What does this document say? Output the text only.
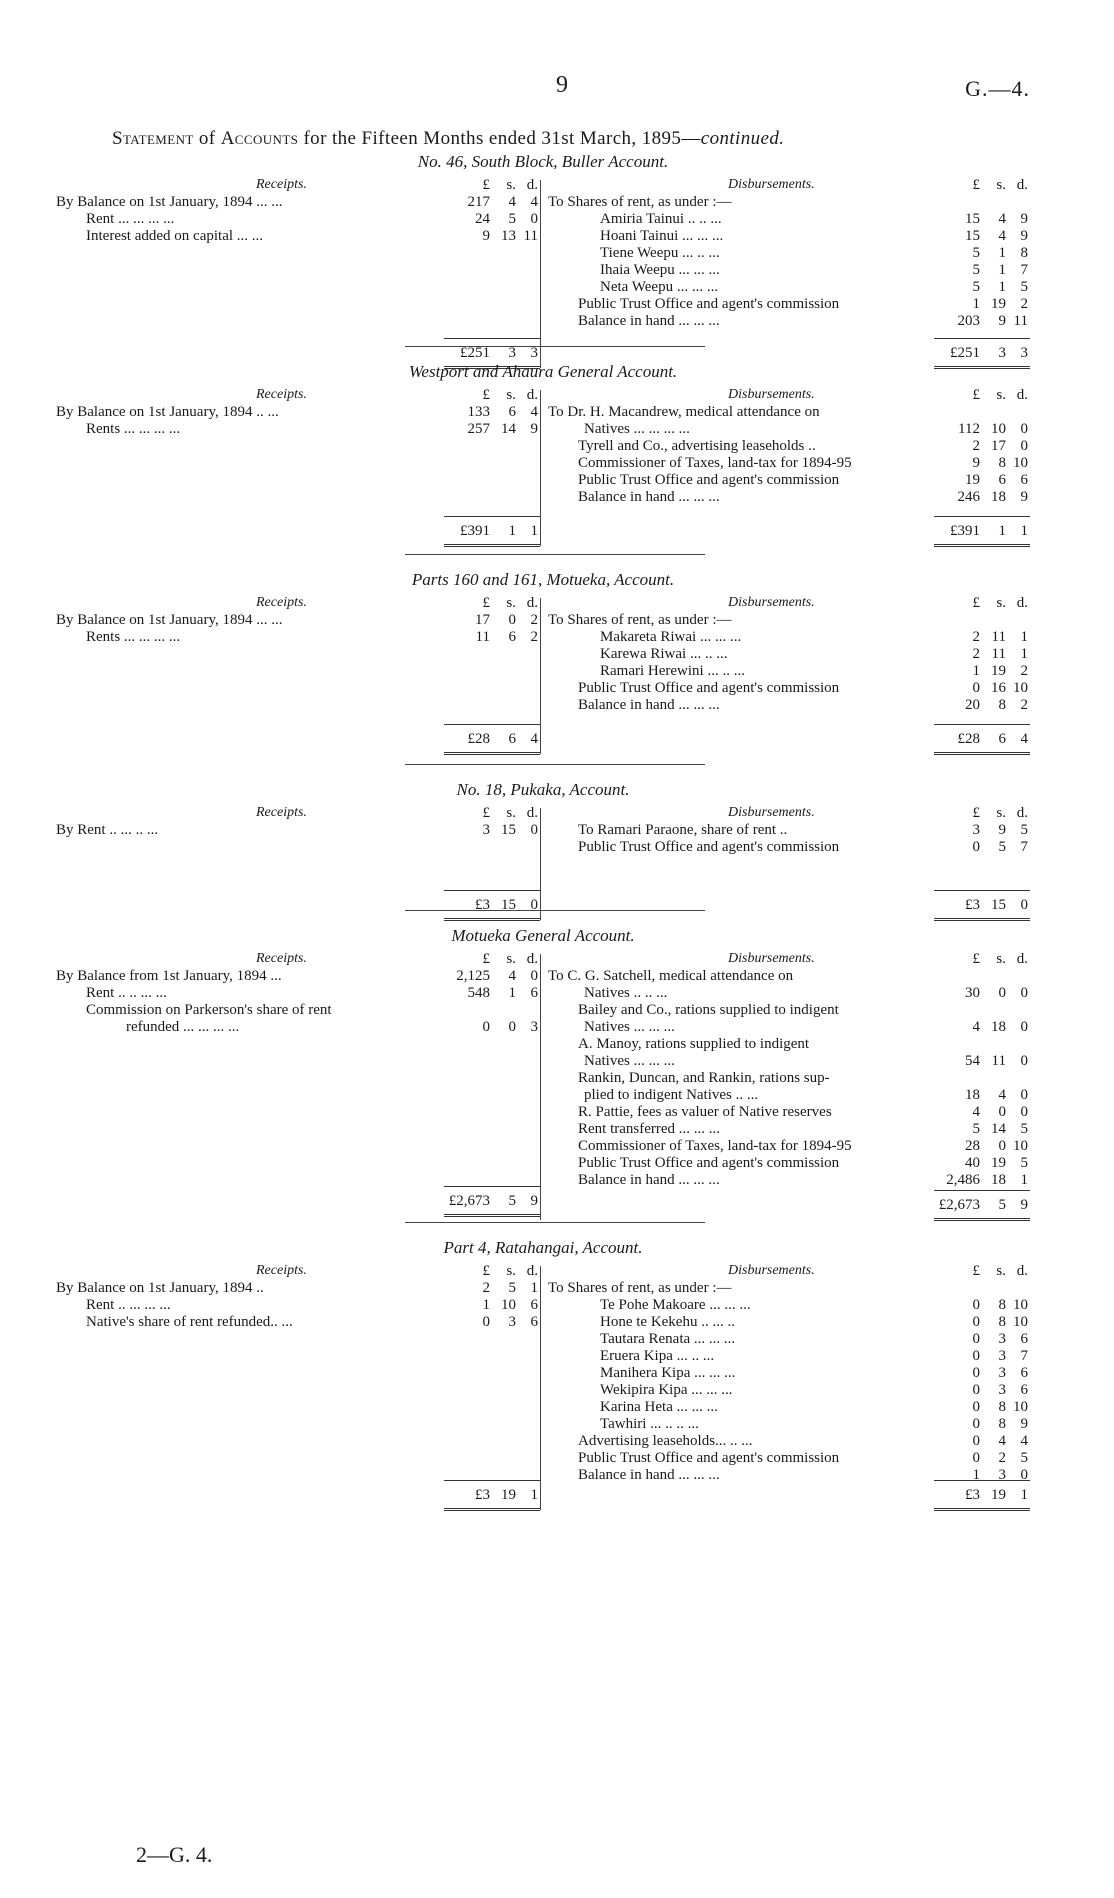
9	G.—4.
Statement of Accounts for the Fifteen Months ended 31st March, 1895—continued.
No. 46, South Block, Buller Account.
Receipts.	£	s. d.
By Balance on 1st January, 1894 ... ...	217	4 4
Rent ... ... ... ...	24	5 0
Interest added on capital ... ...	9 13 11
£251	3 3
Disbursements.	£	s. d.
To Shares of rent, as under :—
Amiria Tainui .. .. ...	15	4 9
Hoani Tainui ... ... ...	15	4 9
Tiene Weepu ... .. ...	5	1 8
Ihaia Weepu ... ... ...	5	1 7
Neta Weepu ... ... ...	5	1 5
Public Trust Office and agent's commission	1 19 2
Balance in hand ... ... ...	203	9 11
£251	3 3
Westport and Ahaura General Account.
Receipts.	£	s. d.
By Balance on 1st January, 1894 .. ...	133	6 4
Rents ... ... ... ...	257 14 9
£391	1 1
Disbursements.	£	s. d.
To Dr. H. Macandrew, medical attendance on
Natives ... ... ... ...	112 10 0
Tyrell and Co., advertising leaseholds ..	2 17 0
Commissioner of Taxes, land-tax for 1894-95	9	8 10
Public Trust Office and agent's commission	19	6 6
Balance in hand ... ... ...	246 18 9
£391	1 1
Parts 160 and 161, Motueka, Account.
Receipts.	£	s. d.
By Balance on 1st January, 1894 ... ...	17	0 2
Rents ... ... ... ...	11	6 2
£28	6 4
Disbursements.	£	s. d.
To Shares of rent, as under :—
Makareta Riwai ... ... ...	2 11 1
Karewa Riwai ... .. ...	2 11 1
Ramari Herewini ... .. ...	1 19 2
Public Trust Office and agent's commission	0 16 10
Balance in hand ... ... ...	20	8 2
£28	6 4
No. 18, Pukaka, Account.
Receipts.	£	s. d.
By Rent .. ... .. ...	3 15 0
£3 15 0
Disbursements.	£	s. d.
To Ramari Paraone, share of rent ..	3	9 5
Public Trust Office and agent's commission	0	5 7
£3 15 0
Motueka General Account.
Receipts.	£	s. d.
By Balance from 1st January, 1894 ...	2,125	4 0
Rent .. .. ... ...	548	1 6
Commission on Parkerson's share of rent
refunded ... ... ... ...	0	0 3
£2,673	5 9
Disbursements.	£	s. d.
To C. G. Satchell, medical attendance on
Natives .. .. ...	30	0 0
Bailey and Co., rations supplied to indigent
Natives ... ... ...	4 18 0
A. Manoy, rations supplied to indigent
Natives ... ... ...	54 11 0
Rankin, Duncan, and Rankin, rations sup-
plied to indigent Natives .. ...	18	4 0
R. Pattie, fees as valuer of Native reserves	4	0 0
Rent transferred ... ... ...	5 14 5
Commissioner of Taxes, land-tax for 1894-95	28	0 10
Public Trust Office and agent's commission	40 19 5
Balance in hand ... ... ...	2,486 18 1
£2,673	5 9
Part 4, Ratahangai, Account.
Receipts.	£	s. d.
By Balance on 1st January, 1894 ..	2	5 1
Rent .. ... ... ...	1 10 6
Native's share of rent refunded.. ...	0	3 6
£3 19 1
Disbursements.	£	s. d.
To Shares of rent, as under :—
Te Pohe Makoare ... ... ...	0	8 10
Hone te Kekehu .. ... ..	0	8 10
Tautara Renata ... ... ...	0	3 6
Eruera Kipa ... .. ...	0	3 7
Manihera Kipa ... ... ...	0	3 6
Wekipira Kipa ... ... ...	0	3 6
Karina Heta ... ... ...	0	8 10
Tawhiri ... .. .. ...	0	8 9
Advertising leaseholds... .. ...	0	4 4
Public Trust Office and agent's commission	0	2 5
Balance in hand ... ... ...	1	3 0
£3 19 1
2—G. 4.
